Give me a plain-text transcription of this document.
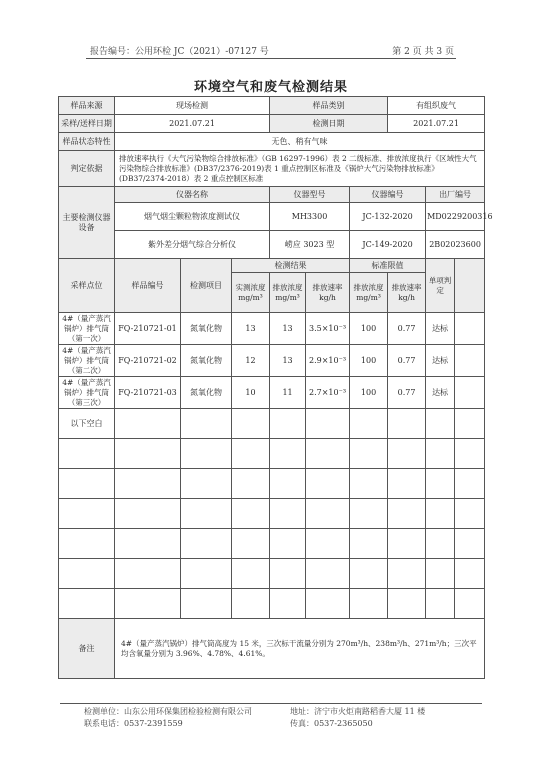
报告编号：公用环检 JC（2021）-07127 号	第 2 页 共 3 页
环境空气和废气检测结果
样品来源	现场检测			样品类别			有组织废气		
采样/送样日期	2021.07.21			检测日期			2021.07.21		
样品状态特性	无色、稍有气味								
判定依据	排放速率执行《大气污染物综合排放标准》（GB 16297-1996）表 2 二级标准、排放浓度执行《区域性大气污染物综合排放标准》(DB37/2376-2019)表 1 重点控制区标准及《锅炉大气污染物排放标准》(DB37/2374-2018）表 2 重点控制区标准								
主要检测仪器设备	仪器名称			仪器型号		仪器编号		出厂编号	
	烟气烟尘颗粒物浓度测试仪			MH3300		JC-132-2020		MD0229200316	
	紫外差分烟气综合分析仪			崂应 3023 型		JC-149-2020		2B02023600	
采样点位	样品编号	检测项目	检测结果			标准限值		单项判定	
			实测浓度mg/m³	排放浓度mg/m³	排放速率kg/h	排放浓度mg/m³	排放速率kg/h		
4#（量产蒸汽锅炉）排气筒（第一次）	FQ-210721-01	氮氧化物	13	13	3.5×10⁻³	100	0.77	达标	
4#（量产蒸汽锅炉）排气筒（第二次）	FQ-210721-02	氮氧化物	12	13	2.9×10⁻³	100	0.77	达标	
4#（量产蒸汽锅炉）排气筒（第三次）	FQ-210721-03	氮氧化物	10	11	2.7×10⁻³	100	0.77	达标	
以下空白									

备注	4#（量产蒸汽锅炉）排气筒高度为 15 米，三次标干流量分别为 270m³/h、238m³/h、271m³/h；三次平均含氧量分别为 3.96%、4.78%、4.61%。								
检测单位：山东公用环保集团检验检测有限公司	地址：济宁市火炬南路稻香大厦 11 楼
联系电话：0537-2391559	传真：0537-2365050
